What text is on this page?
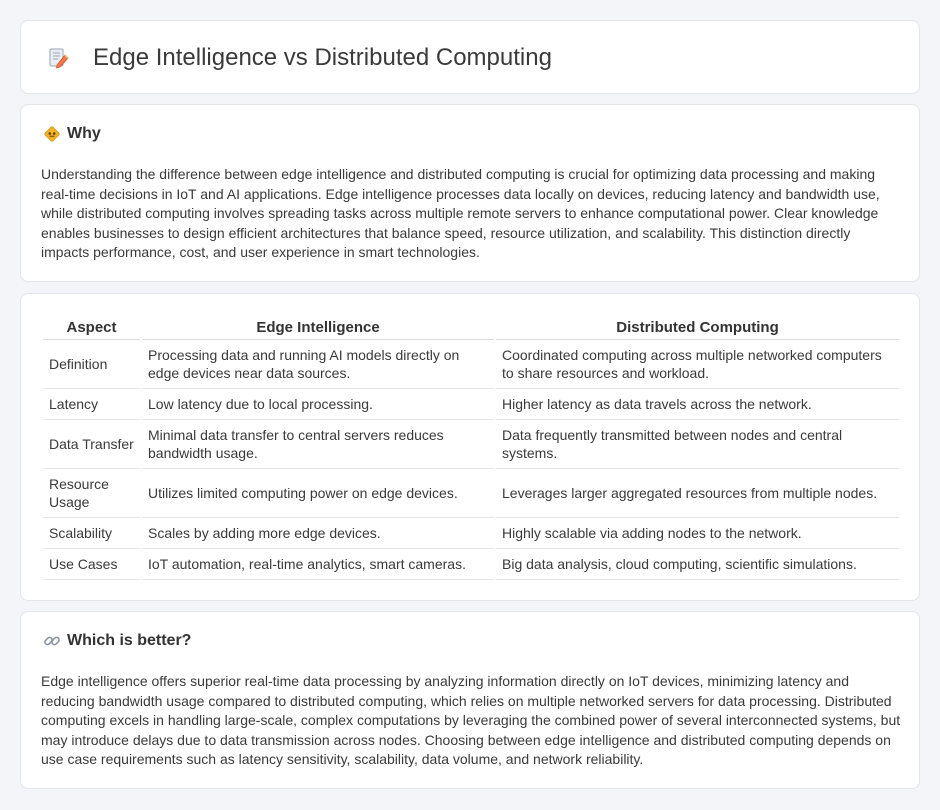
Edge Intelligence vs Distributed Computing
Why

Understanding the difference between edge intelligence and distributed computing is crucial for optimizing data processing and making real-time decisions in IoT and AI applications. Edge intelligence processes data locally on devices, reducing latency and bandwidth use, while distributed computing involves spreading tasks across multiple remote servers to enhance computational power. Clear knowledge enables businesses to design efficient architectures that balance speed, resource utilization, and scalability. This distinction directly impacts performance, cost, and user experience in smart technologies.

Aspect	Edge Intelligence	Distributed Computing
Definition	Processing data and running AI models directly on edge devices near data sources.	Coordinated computing across multiple networked computers to share resources and workload.
Latency	Low latency due to local processing.	Higher latency as data travels across the network.
Data Transfer	Minimal data transfer to central servers reduces bandwidth usage.	Data frequently transmitted between nodes and central systems.
Resource Usage	Utilizes limited computing power on edge devices.	Leverages larger aggregated resources from multiple nodes.
Scalability	Scales by adding more edge devices.	Highly scalable via adding nodes to the network.
Use Cases	IoT automation, real-time analytics, smart cameras.	Big data analysis, cloud computing, scientific simulations.
Which is better?

Edge intelligence offers superior real-time data processing by analyzing information directly on IoT devices, minimizing latency and reducing bandwidth usage compared to distributed computing, which relies on multiple networked servers for data processing. Distributed computing excels in handling large-scale, complex computations by leveraging the combined power of several interconnected systems, but may introduce delays due to data transmission across nodes. Choosing between edge intelligence and distributed computing depends on use case requirements such as latency sensitivity, scalability, data volume, and network reliability.
